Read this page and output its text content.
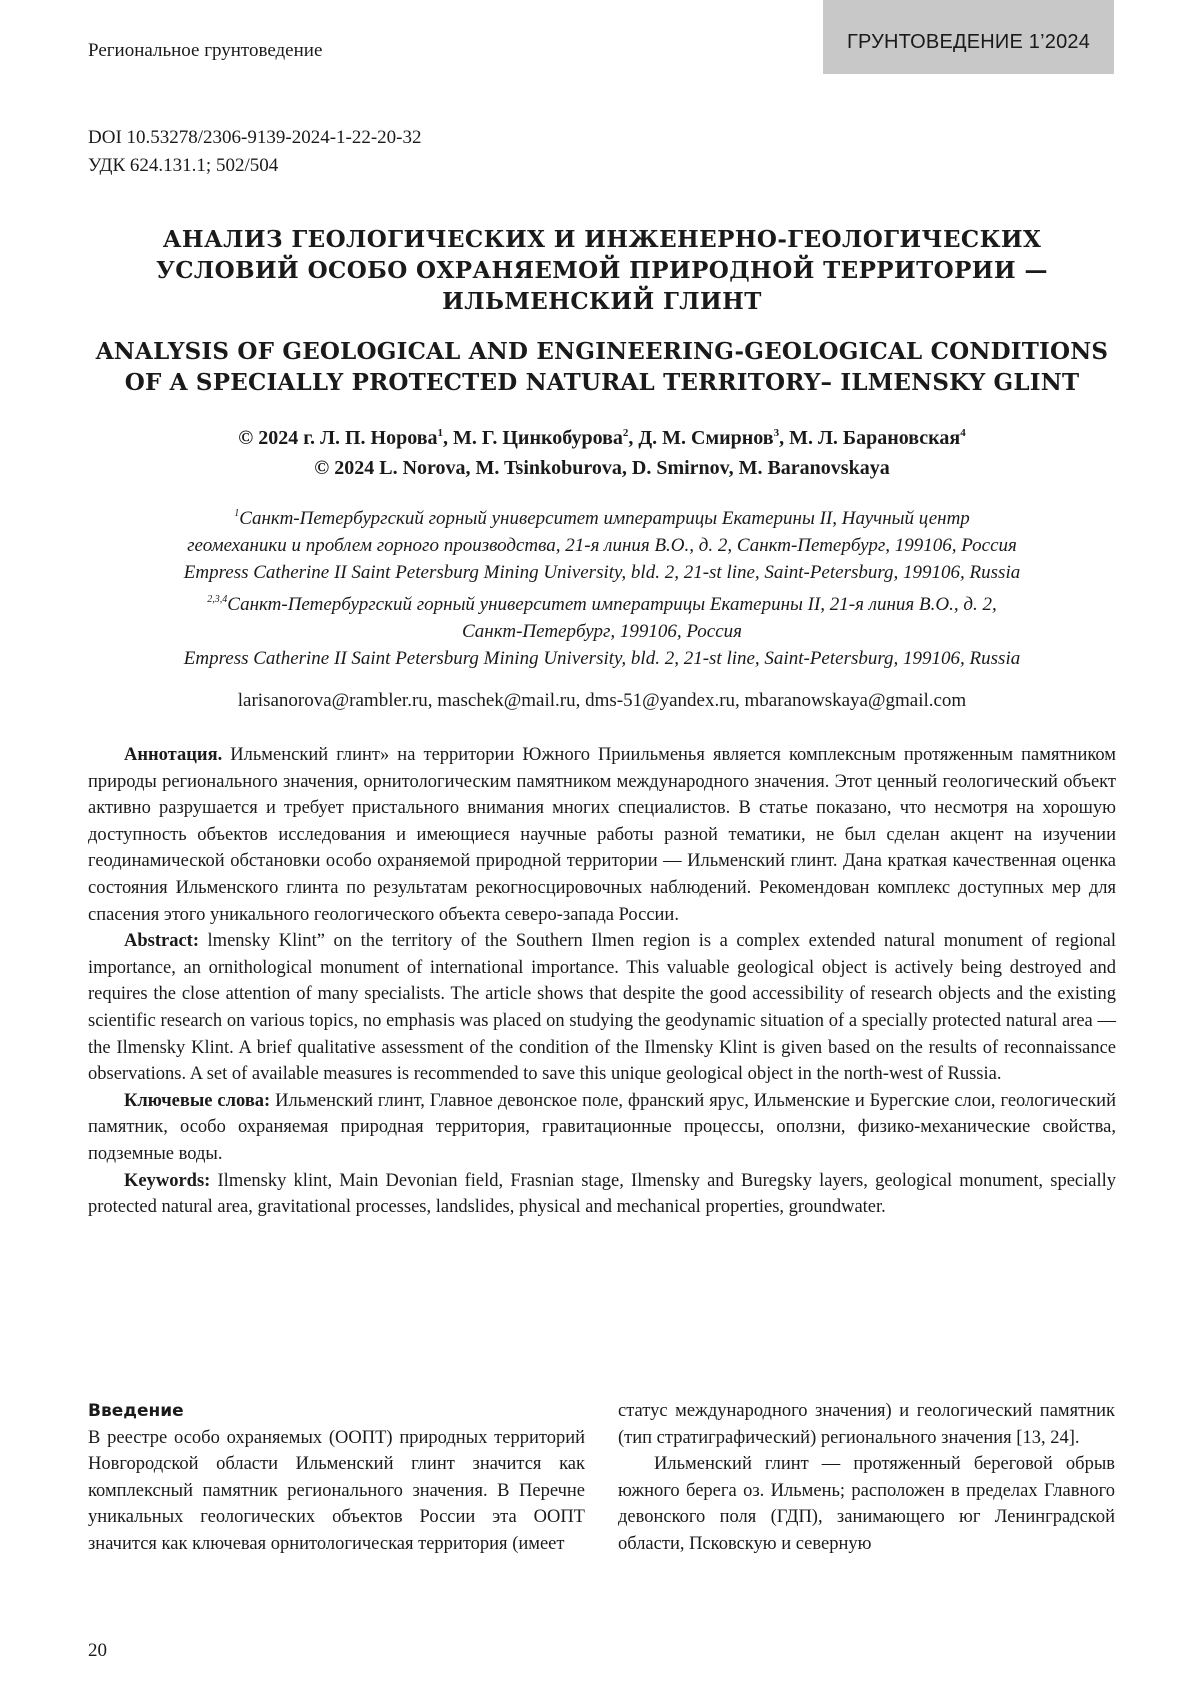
Региональное грунтоведение	ГРУНТОВЕДЕНИЕ 1’2024
DOI 10.53278/2306-9139-2024-1-22-20-32
УДК 624.131.1; 502/504
АНАЛИЗ ГЕОЛОГИЧЕСКИХ И ИНЖЕНЕРНО-ГЕОЛОГИЧЕСКИХ
УСЛОВИЙ ОСОБО ОХРАНЯЕМОЙ ПРИРОДНОЙ ТЕРРИТОРИИ —
ИЛЬМЕНСКИЙ ГЛИНТ
ANALYSIS OF GEOLOGICAL AND ENGINEERING-GEOLOGICAL CONDITIONS
OF A SPECIALLY PROTECTED NATURAL TERRITORY– ILMENSKY GLINT
© 2024 г. Л. П. Норова$^1$, М. Г. Цинкобурова$^2$, Д. М. Смирнов$^3$, М. Л. Барановская$^4$
© 2024 L. Norova, M. Tsinkoburova, D. Smirnov, M. Baranovskaya
$^1$Санкт-Петербургский горный университет императрицы Екатерины II, Научный центр
геомеханики и проблем горного производства, 21-я линия В.О., д. 2, Санкт-Петербург, 199106, Россия
Empress Catherine II Saint Petersburg Mining University, bld. 2, 21-st line, Saint-Petersburg, 199106, Russia
$^{2,3,4}$Санкт-Петербургский горный университет императрицы Екатерины II, 21-я линия В.О., д. 2,
Санкт-Петербург, 199106, Россия
Empress Catherine II Saint Petersburg Mining University, bld. 2, 21-st line, Saint-Petersburg, 199106, Russia
larisanorova@rambler.ru, maschek@mail.ru, dms-51@yandex.ru, mbaranowskaya@gmail.com

Аннотация. Ильменский глинт» на территории Южного Приильменья является комплексным протяженным памятником природы регионального значения, орнитологическим памятником международного значения. Этот ценный геологический объект активно разрушается и требует пристального внимания многих специалистов. В статье показано, что несмотря на хорошую доступность объектов исследования и имеющиеся научные работы разной тематики, не был сделан акцент на изучении геодинамической обстановки особо охраняемой природной территории — Ильменский глинт. Дана краткая качественная оценка состояния Ильменского глинта по результатам рекогносцировочных наблюдений. Рекомендован комплекс доступных мер для спасения этого уникального геологического объекта северо-запада России.

Abstract: lmensky Klint” on the territory of the Southern Ilmen region is a complex extended natural monument of regional importance, an ornithological monument of international importance. This valuable geological object is actively being destroyed and requires the close attention of many specialists. The article shows that despite the good accessibility of research objects and the existing scientific research on various topics, no emphasis was placed on studying the geodynamic situation of a specially protected natural area — the Ilmensky Klint. A brief qualitative assessment of the condition of the Ilmensky Klint is given based on the results of reconnaissance observations. A set of available measures is recommended to save this unique geological object in the north-west of Russia.

Ключевые слова: Ильменский глинт, Главное девонское поле, франский ярус, Ильменские и Бурегские слои, геологический памятник, особо охраняемая природная территория, гравитационные процессы, оползни, физико-механические свойства, подземные воды.

Keywords: Ilmensky klint, Main Devonian field, Frasnian stage, Ilmensky and Buregsky layers, geological monument, specially protected natural area, gravitational processes, landslides, physical and mechanical properties, groundwater.

Введение

В реестре особо охраняемых (ООПТ) природных территорий Новгородской области Ильменский глинт значится как комплексный памятник регионального значения. В Перечне уникальных геологических объектов России эта ООПТ значится как ключевая орнитологическая территория (имеет

статус международного значения) и геологический памятник (тип стратиграфический) регионального значения [13, 24].

Ильменский глинт — протяженный береговой обрыв южного берега оз. Ильмень; расположен в пределах Главного девонского поля (ГДП), занимающего юг Ленинградской области, Псковскую и северную

20
